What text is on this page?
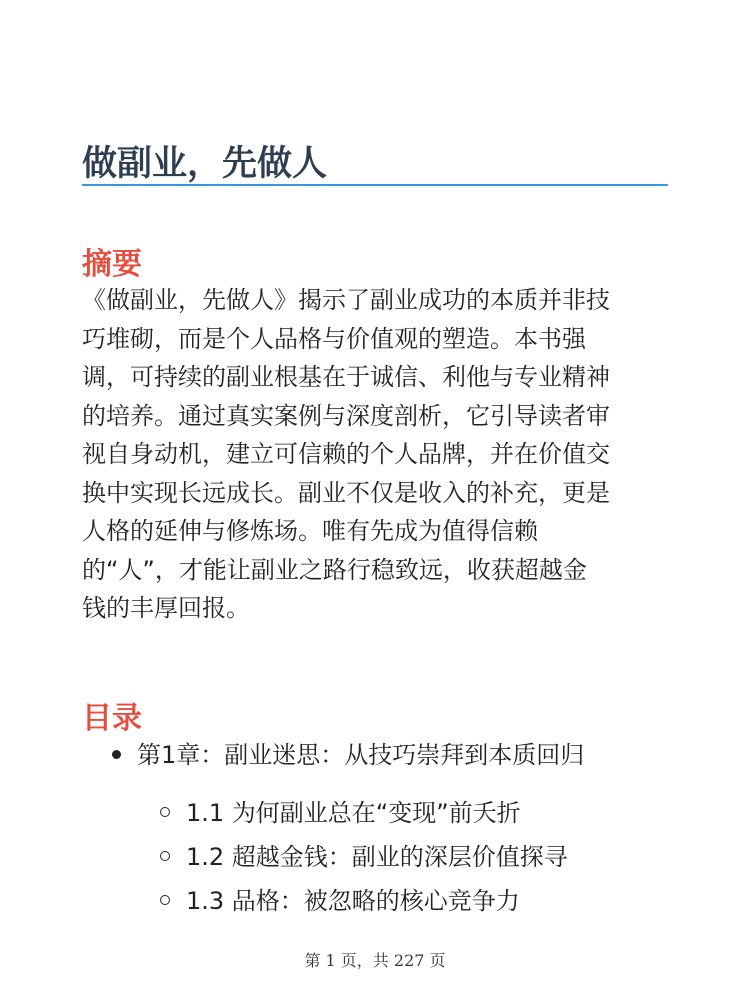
做副业，先做人
摘要
《做副业，先做人》揭示了副业成功的本质并非技
巧堆砌，而是个人品格与价值观的塑造。本书强
调，可持续的副业根基在于诚信、利他与专业精神
的培养。通过真实案例与深度剖析，它引导读者审
视自身动机，建立可信赖的个人品牌，并在价值交
换中实现长远成长。副业不仅是收入的补充，更是
人格的延伸与修炼场。唯有先成为值得信赖
的“人”，才能让副业之路行稳致远，收获超越金
钱的丰厚回报。
目录
第1章：副业迷思：从技巧崇拜到本质回归
1.1 为何副业总在“变现”前夭折
1.2 超越金钱：副业的深层价值探寻
1.3 品格：被忽略的核心竞争力
第 1 页，共 227 页
